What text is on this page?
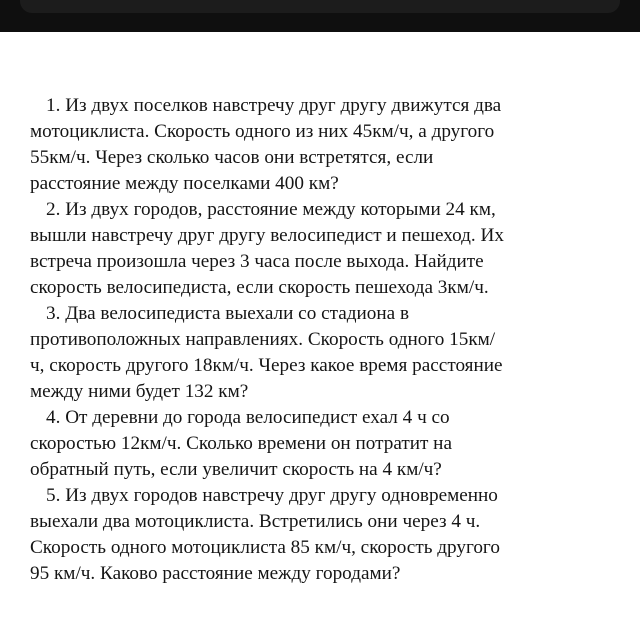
1. Из двух поселков навстречу друг другу движутся два
мотоциклиста. Скорость одного из них 45км/ч, а другого
55км/ч. Через сколько часов они встретятся, если
расстояние между поселками 400 км?

2. Из двух городов, расстояние между которыми 24 км,
вышли навстречу друг другу велосипедист и пешеход. Их
встреча произошла через 3 часа после выхода. Найдите
скорость велосипедиста, если скорость пешехода 3км/ч.

3. Два велосипедиста выехали со стадиона в
противоположных направлениях. Скорость одного 15км/
ч, скорость другого 18км/ч. Через какое время расстояние
между ними будет 132 км?

4. От деревни до города велосипедист ехал 4 ч со
скоростью 12км/ч. Сколько времени он потратит на
обратный путь, если увеличит скорость на 4 км/ч?

5. Из двух городов навстречу друг другу одновременно
выехали два мотоциклиста. Встретились они через 4 ч.
Скорость одного мотоциклиста 85 км/ч, скорость другого
95 км/ч. Каково расстояние между городами?
